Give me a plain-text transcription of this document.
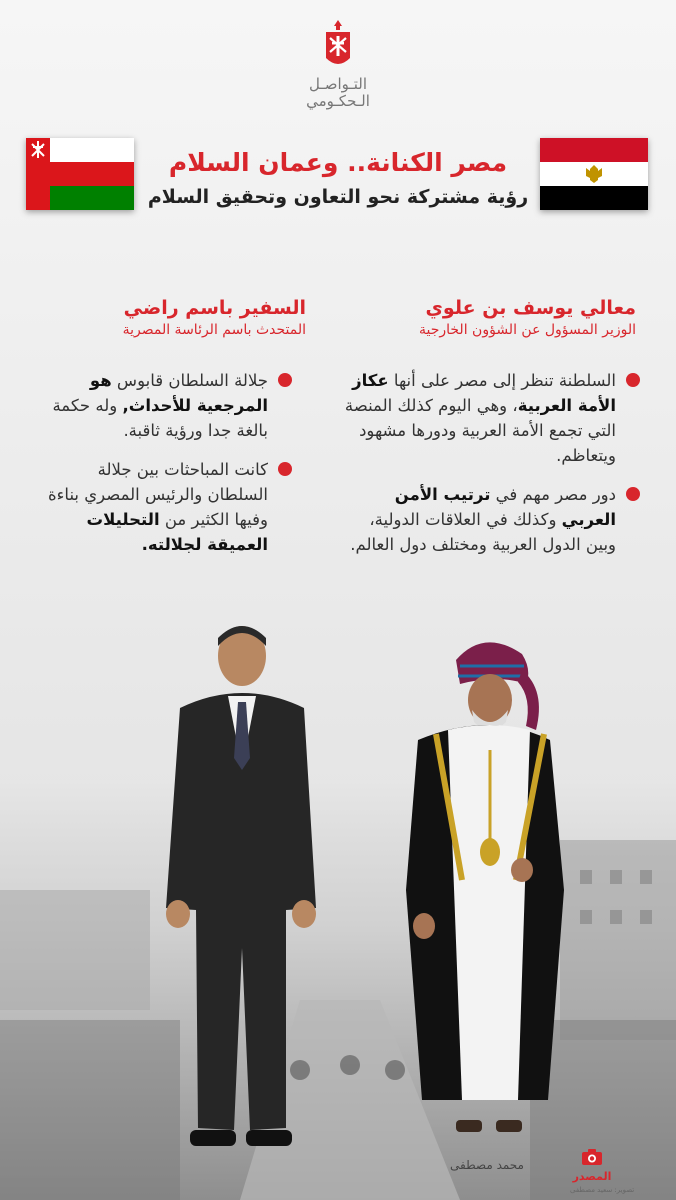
التـواصـل
الـحكـومي
مصر الكنانة.. وعمان السلام
رؤية مشتركة نحو التعاون وتحقيق السلام
معالي يوسف بن علوي
الوزير المسؤول عن الشؤون الخارجية
السلطنة تنظر إلى مصر على أنها عكاز الأمة العربية، وهي اليوم كذلك المنصة التي تجمع الأمة العربية ودورها مشهود ويتعاظم.
دور مصر مهم في ترتيب الأمن العربي وكذلك في العلاقات الدولية، وبين الدول العربية ومختلف دول العالم.
السفير باسم راضي
المتحدث باسم الرئاسة المصرية
جلالة السلطان قابوس هو المرجعية للأحداث, وله حكمة بالغة جدا ورؤية ثاقبة.
كانت المباحثات بين جلالة السلطان والرئيس المصري بناءة وفيها الكثير من التحليلات العميقة لجلالته.
محمد مصطفى
المصدر
تصوير: سعيد مصطفى
